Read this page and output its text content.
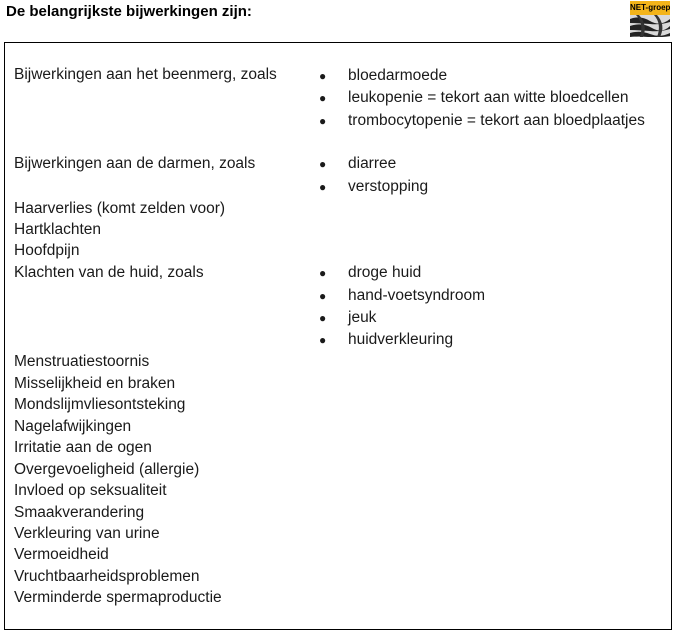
De belangrijkste bijwerkingen zijn:	NET-groep
Bijwerkingen aan het beenmerg, zoals	● bloedarmoede
● leukopenie = tekort aan witte bloedcellen
● trombocytopenie = tekort aan bloedplaatjes
Bijwerkingen aan de darmen, zoals	● diarree
● verstopping
Haarverlies (komt zelden voor)
Hartklachten
Hoofdpijn
Klachten van de huid, zoals	● droge huid
● hand-voetsyndroom
● jeuk
● huidverkleuring
Menstruatiestoornis
Misselijkheid en braken
Mondslijmvliesontsteking
Nagelafwijkingen
Irritatie aan de ogen
Overgevoeligheid (allergie)
Invloed op seksualiteit
Smaakverandering
Verkleuring van urine
Vermoeidheid
Vruchtbaarheidsproblemen
Verminderde spermaproductie
